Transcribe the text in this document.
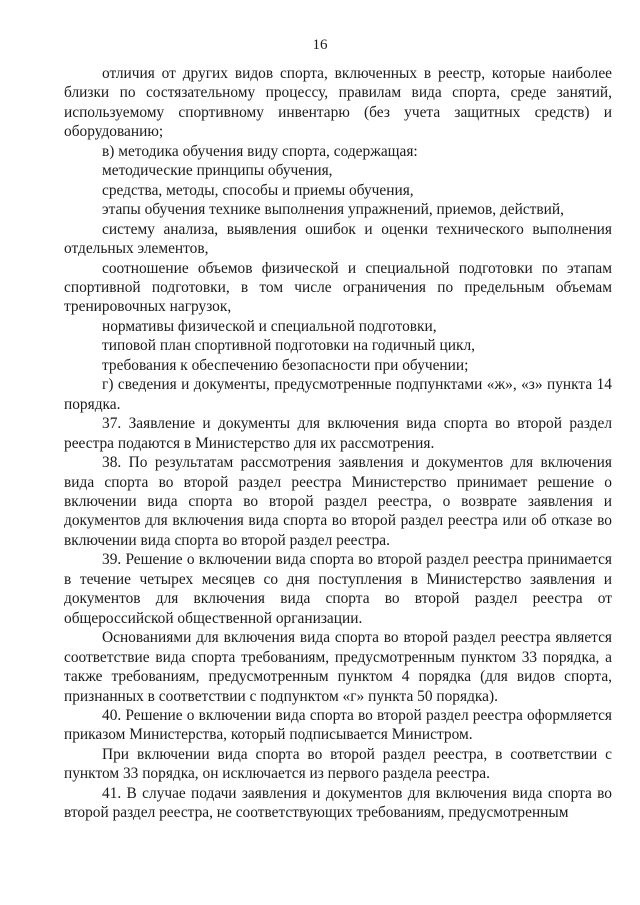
16

отличия от других видов спорта, включенных в реестр, которые наиболее близки по состязательному процессу, правилам вида спорта, среде занятий, используемому спортивному инвентарю (без учета защитных средств) и оборудованию;

в) методика обучения виду спорта, содержащая:

методические принципы обучения,

средства, методы, способы и приемы обучения,

этапы обучения технике выполнения упражнений, приемов, действий,

систему анализа, выявления ошибок и оценки технического выполнения отдельных элементов,

соотношение объемов физической и специальной подготовки по этапам спортивной подготовки, в том числе ограничения по предельным объемам тренировочных нагрузок,

нормативы физической и специальной подготовки,

типовой план спортивной подготовки на годичный цикл,

требования к обеспечению безопасности при обучении;

г) сведения и документы, предусмотренные подпунктами «ж», «з» пункта 14 порядка.

37. Заявление и документы для включения вида спорта во второй раздел реестра подаются в Министерство для их рассмотрения.

38. По результатам рассмотрения заявления и документов для включения вида спорта во второй раздел реестра Министерство принимает решение о включении вида спорта во второй раздел реестра, о возврате заявления и документов для включения вида спорта во второй раздел реестра или об отказе во включении вида спорта во второй раздел реестра.

39. Решение о включении вида спорта во второй раздел реестра принимается в течение четырех месяцев со дня поступления в Министерство заявления и документов для включения вида спорта во второй раздел реестра от общероссийской общественной организации.

Основаниями для включения вида спорта во второй раздел реестра является соответствие вида спорта требованиям, предусмотренным пунктом 33 порядка, а также требованиям, предусмотренным пунктом 4 порядка (для видов спорта, признанных в соответствии с подпунктом «г» пункта 50 порядка).

40. Решение о включении вида спорта во второй раздел реестра оформляется приказом Министерства, который подписывается Министром.

При включении вида спорта во второй раздел реестра, в соответствии с пунктом 33 порядка, он исключается из первого раздела реестра.

41. В случае подачи заявления и документов для включения вида спорта во второй раздел реестра, не соответствующих требованиям, предусмотренным
